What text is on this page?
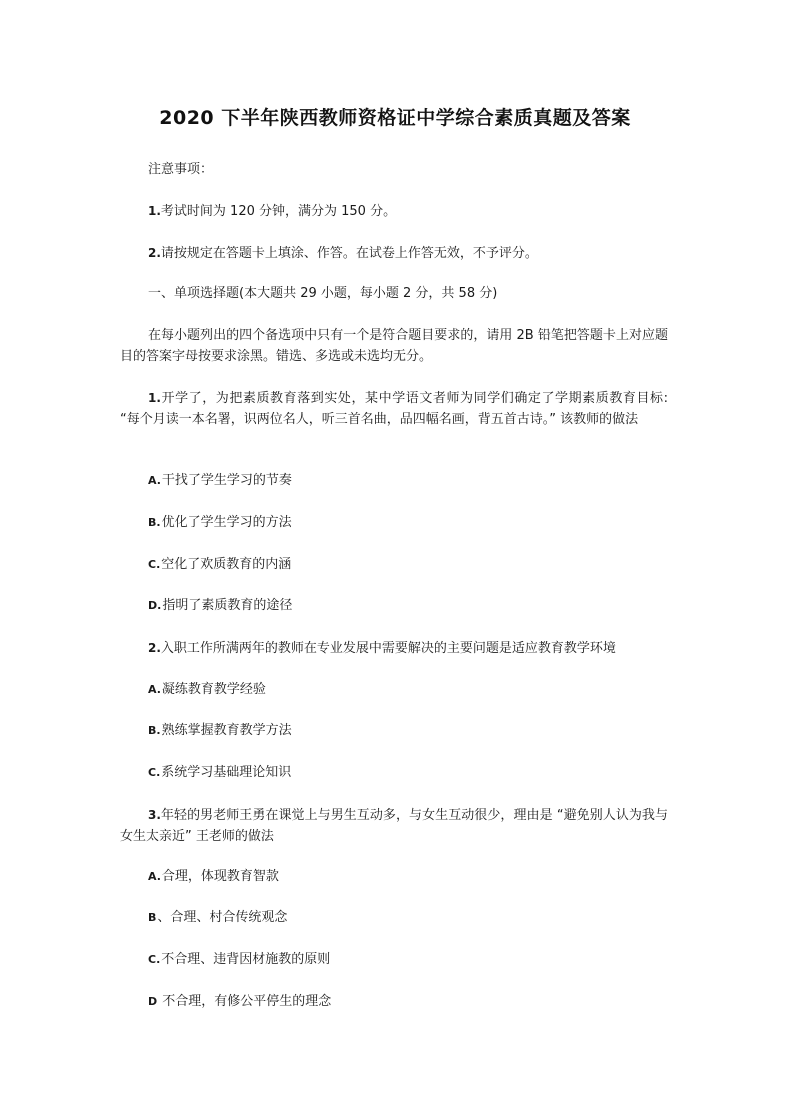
2020 下半年陕西教师资格证中学综合素质真题及答案
注意事项：
1.考试时间为 120 分钟，满分为 150 分。
2.请按规定在答题卡上填涂、作答。在试卷上作答无效，不予评分。
一、单项选择题(本大题共 29 小题，每小题 2 分，共 58 分)
在每小题列出的四个备选项中只有一个是符合题目要求的，请用 2B 铅笔把答题卡上对应题目的答案字母按要求涂黑。错选、多选或未选均无分。
1.开学了，为把素质教育落到实处，某中学语文者师为同学们确定了学期素质教育目标: “每个月读一本名署，识两位名人，听三首名曲，品四幅名画，背五首古诗。” 该教师的做法
A.干找了学生学习的节奏
B.优化了学生学习的方法
C.空化了欢质教育的内涵
D.指明了素质教育的途径
2.入职工作所满两年的教师在专业发展中需要解决的主要问题是适应教育教学环境
A.凝练教育教学经验
B.熟练掌握教育教学方法
C.系统学习基础理论知识
3.年轻的男老师王勇在课觉上与男生互动多，与女生互动很少，理由是 “避免别人认为我与女生太亲近” 王老师的做法
A.合理，体现教育智款
B、合理、村合传统观念
C.不合理、违背因材施教的原则
D 不合理，有修公平停生的理念
